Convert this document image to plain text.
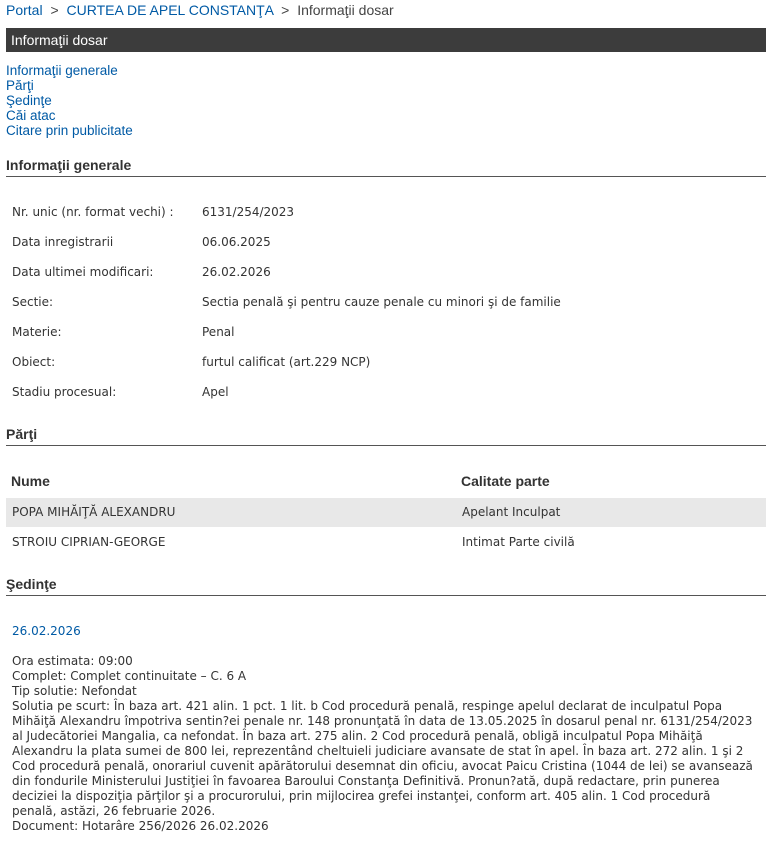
Portal > CURTEA DE APEL CONSTANŢA > Informaţii dosar
Informaţii dosar
Informaţii generale
Părţi
Şedinţe
Căi atac
Citare prin publicitate
Informaţii generale
Nr. unic (nr. format vechi) : 6131/254/2023
Data inregistrarii	06.06.2025
Data ultimei modificari:	26.02.2026
Sectie:	Sectia penală şi pentru cauze penale cu minori şi de familie
Materie:	Penal
Obiect:	furtul calificat (art.229 NCP)
Stadiu procesual:	Apel
Părţi
Nume	Calitate parte
POPA MIHĂIŢĂ ALEXANDRU	Apelant Inculpat
STROIU CIPRIAN-GEORGE	Intimat Parte civilă
Şedinţe
26.02.2026
Ora estimata: 09:00
Complet: Complet continuitate – C. 6 A
Tip solutie: Nefondat
Solutia pe scurt: În baza art. 421 alin. 1 pct. 1 lit. b Cod procedură penală, respinge apelul declarat de inculpatul Popa Mihăiţă Alexandru împotriva sentin?ei penale nr. 148 pronunţată în data de 13.05.2025 în dosarul penal nr. 6131/254/2023 al Judecătoriei Mangalia, ca nefondat. În baza art. 275 alin. 2 Cod procedură penală, obligă inculpatul Popa Mihăiţă Alexandru la plata sumei de 800 lei, reprezentând cheltuieli judiciare avansate de stat în apel. În baza art. 272 alin. 1 şi 2 Cod procedură penală, onorariul cuvenit apărătorului desemnat din oficiu, avocat Paicu Cristina (1044 de lei) se avansează din fondurile Ministerului Justiţiei în favoarea Baroului Constanţa Definitivă. Pronun?ată, după redactare, prin punerea deciziei la dispoziţia părţilor şi a procurorului, prin mijlocirea grefei instanţei, conform art. 405 alin. 1 Cod procedură penală, astăzi, 26 februarie 2026.
Document: Hotarâre 256/2026 26.02.2026
